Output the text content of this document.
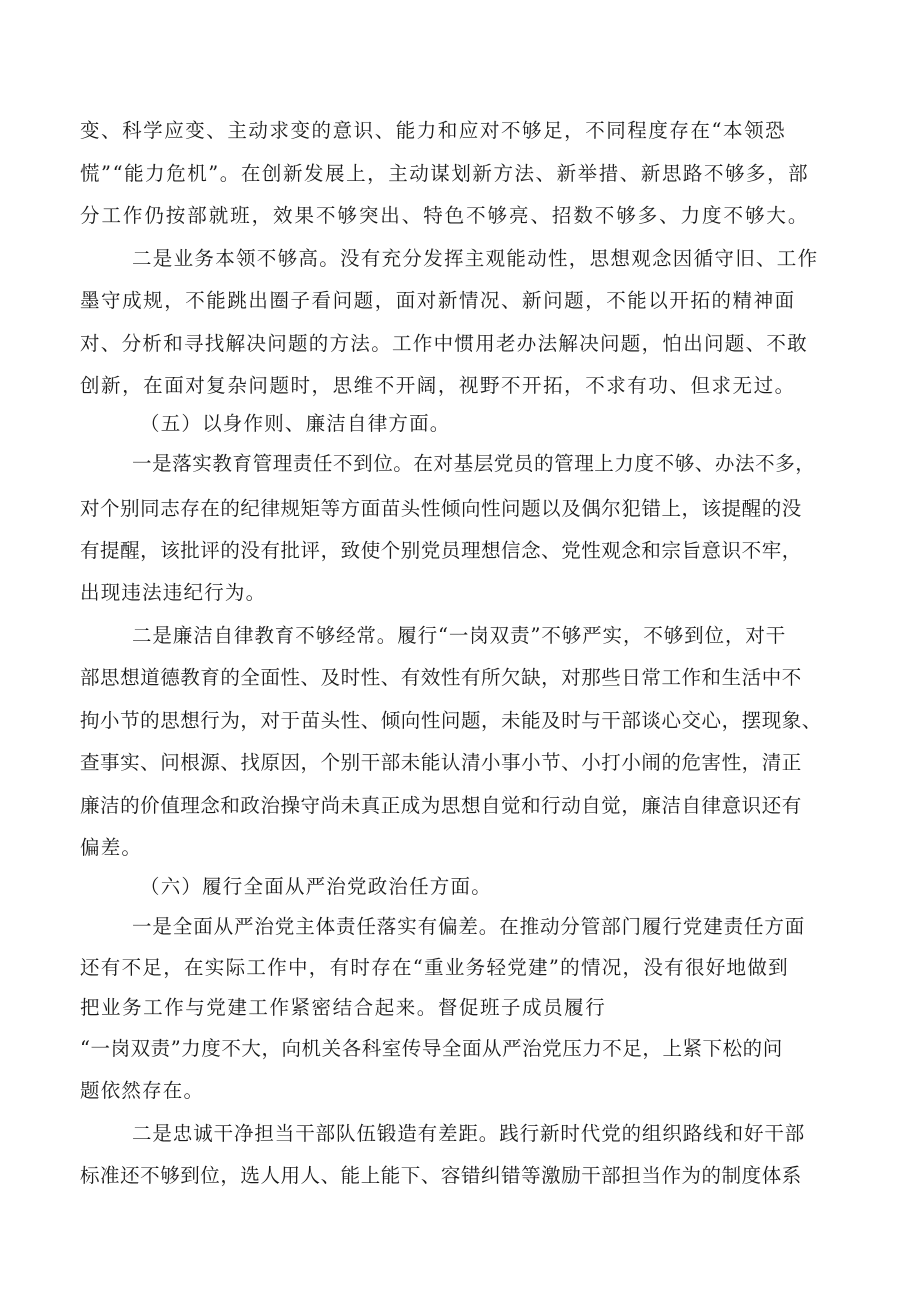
变、科学应变、主动求变的意识、能力和应对不够足，不同程度存在“本领恐
慌”“能力危机”。在创新发展上，主动谋划新方法、新举措、新思路不够多，部
分工作仍按部就班，效果不够突出、特色不够亮、招数不够多、力度不够大。
二是业务本领不够高。没有充分发挥主观能动性，思想观念因循守旧、工作
墨守成规，不能跳出圈子看问题，面对新情况、新问题，不能以开拓的精神面
对、分析和寻找解决问题的方法。工作中惯用老办法解决问题，怕出问题、不敢
创新，在面对复杂问题时，思维不开阔，视野不开拓，不求有功、但求无过。
（五）以身作则、廉洁自律方面。
一是落实教育管理责任不到位。在对基层党员的管理上力度不够、办法不多，
对个别同志存在的纪律规矩等方面苗头性倾向性问题以及偶尔犯错上，该提醒的没
有提醒，该批评的没有批评，致使个别党员理想信念、党性观念和宗旨意识不牢，
出现违法违纪行为。
二是廉洁自律教育不够经常。履行“一岗双责”不够严实，不够到位，对干
部思想道德教育的全面性、及时性、有效性有所欠缺，对那些日常工作和生活中不
拘小节的思想行为，对于苗头性、倾向性问题，未能及时与干部谈心交心，摆现象、
查事实、问根源、找原因，个别干部未能认清小事小节、小打小闹的危害性，清正
廉洁的价值理念和政治操守尚未真正成为思想自觉和行动自觉，廉洁自律意识还有
偏差。
（六）履行全面从严治党政治任方面。
一是全面从严治党主体责任落实有偏差。在推动分管部门履行党建责任方面
还有不足，在实际工作中，有时存在“重业务轻党建”的情况，没有很好地做到
把业务工作与党建工作紧密结合起来。督促班子成员履行
“一岗双责”力度不大，向机关各科室传导全面从严治党压力不足，上紧下松的问
题依然存在。
二是忠诚干净担当干部队伍锻造有差距。践行新时代党的组织路线和好干部
标准还不够到位，选人用人、能上能下、容错纠错等激励干部担当作为的制度体系
